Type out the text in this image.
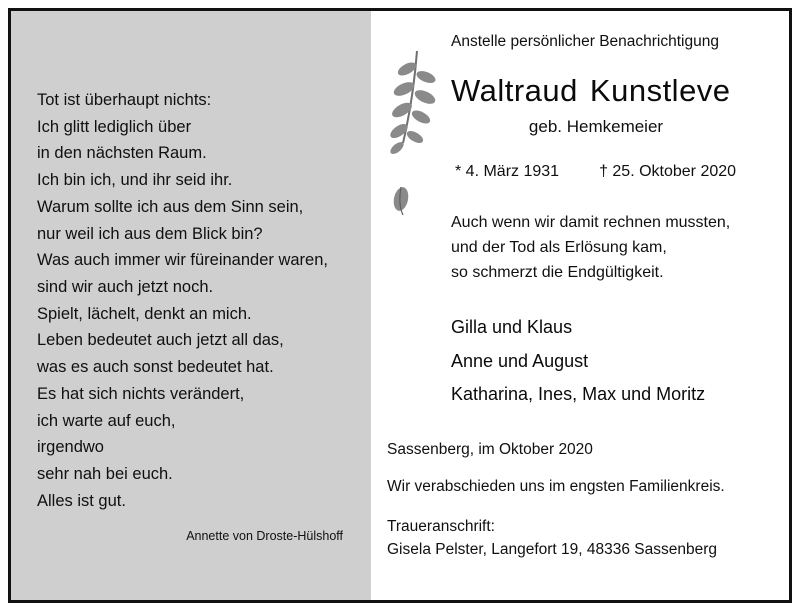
Tot ist überhaupt nichts:
Ich glitt lediglich über
in den nächsten Raum.
Ich bin ich, und ihr seid ihr.
Warum sollte ich aus dem Sinn sein,
nur weil ich aus dem Blick bin?
Was auch immer wir füreinander waren,
sind wir auch jetzt noch.
Spielt, lächelt, denkt an mich.
Leben bedeutet auch jetzt all das,
was es auch sonst bedeutet hat.
Es hat sich nichts verändert,
ich warte auf euch,
irgendwo
sehr nah bei euch.
Alles ist gut.
Annette von Droste-Hülshoff
Anstelle persönlicher Benachrichtigung
Waltraud Kunstleve
geb. Hemkemeier
* 4. März 1931	† 25. Oktober 2020
Auch wenn wir damit rechnen mussten,
und der Tod als Erlösung kam,
so schmerzt die Endgültigkeit.
Gilla und Klaus
Anne und August
Katharina, Ines, Max und Moritz
Sassenberg, im Oktober 2020
Wir verabschieden uns im engsten Familienkreis.
Traueranschrift:
Gisela Pelster, Langefort 19, 48336 Sassenberg
